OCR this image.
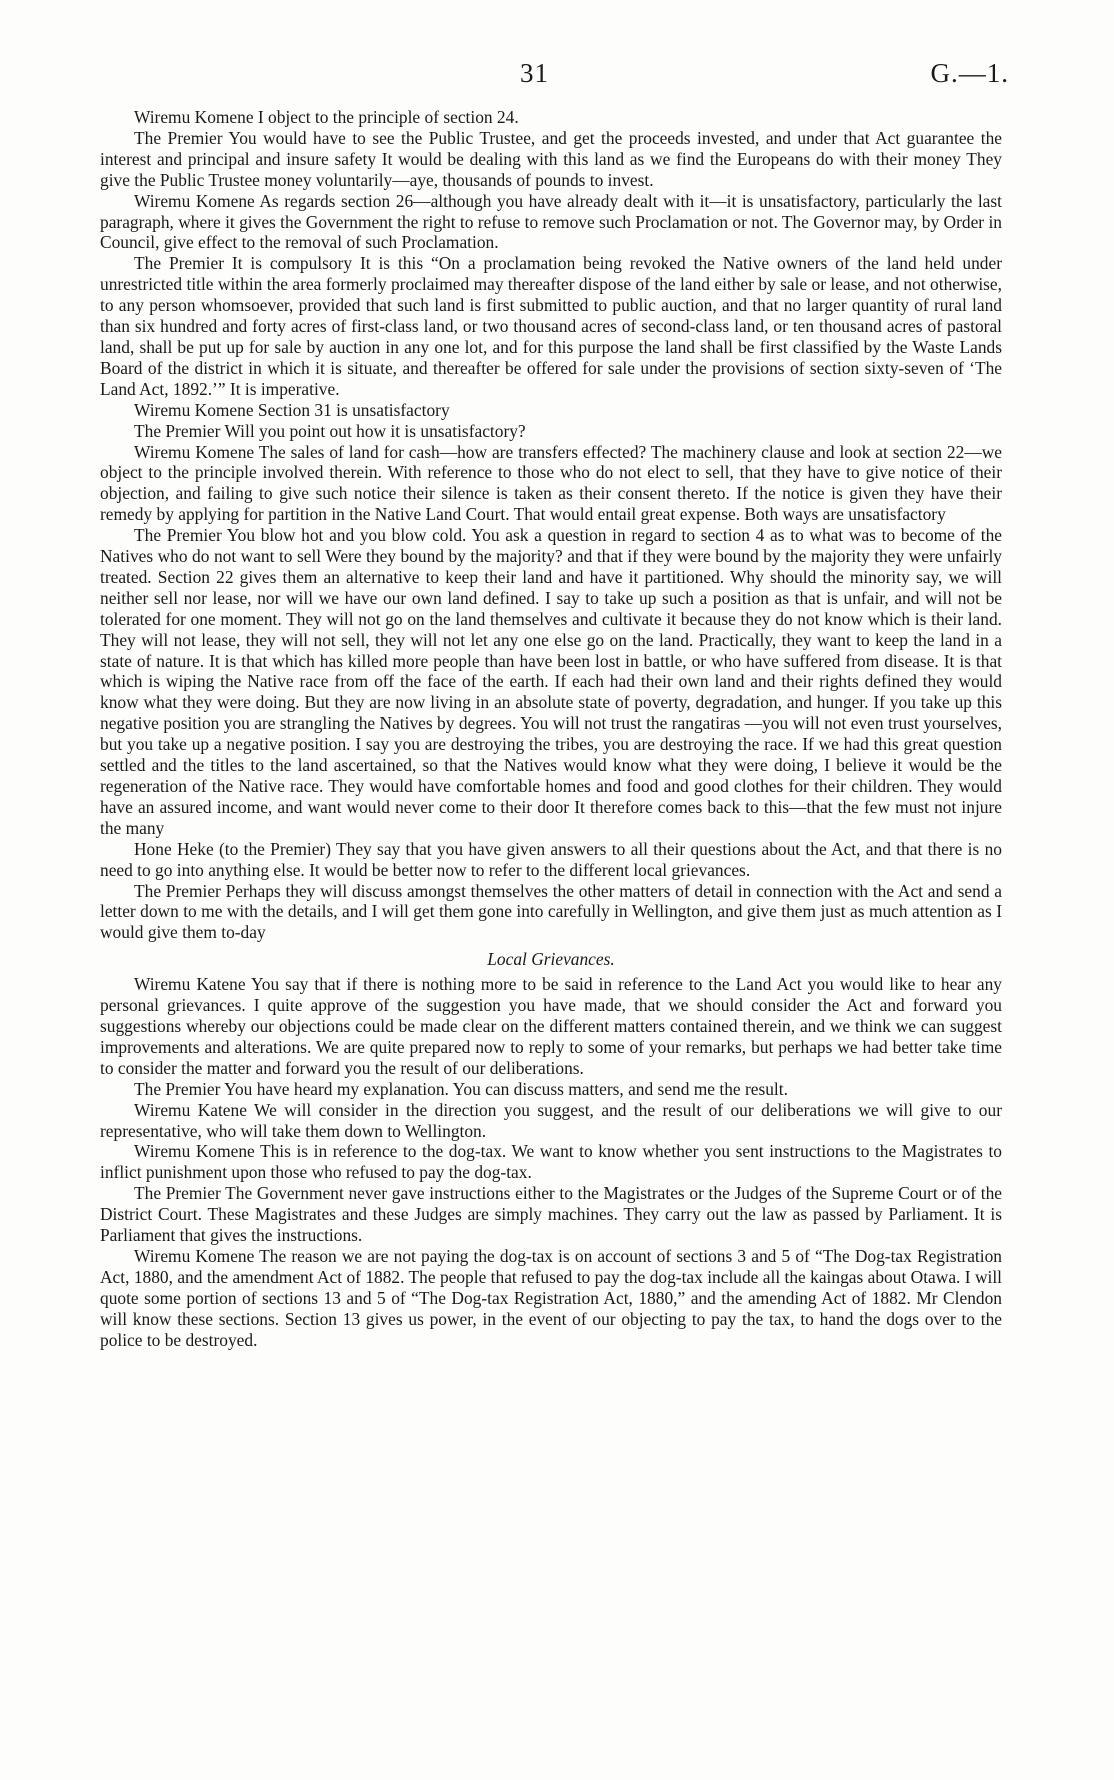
31	G.—1.

Wiremu Komene I object to the principle of section 24.

The Premier You would have to see the Public Trustee, and get the proceeds invested, and under that Act guarantee the interest and principal and insure safety It would be dealing with this land as we find the Europeans do with their money They give the Public Trustee money voluntarily—aye, thousands of pounds to invest.

Wiremu Komene As regards section 26—although you have already dealt with it—it is unsatisfactory, particularly the last paragraph, where it gives the Government the right to refuse to remove such Proclamation or not. The Governor may, by Order in Council, give effect to the removal of such Proclamation.

The Premier It is compulsory It is this “On a proclamation being revoked the Native owners of the land held under unrestricted title within the area formerly proclaimed may thereafter dispose of the land either by sale or lease, and not otherwise, to any person whomsoever, provided that such land is first submitted to public auction, and that no larger quantity of rural land than six hundred and forty acres of first-class land, or two thousand acres of second-class land, or ten thousand acres of pastoral land, shall be put up for sale by auction in any one lot, and for this purpose the land shall be first classified by the Waste Lands Board of the district in which it is situate, and thereafter be offered for sale under the provisions of section sixty-seven of ‘The Land Act, 1892.’” It is imperative.

Wiremu Komene Section 31 is unsatisfactory

The Premier Will you point out how it is unsatisfactory?

Wiremu Komene The sales of land for cash—how are transfers effected? The machinery clause and look at section 22—we object to the principle involved therein. With reference to those who do not elect to sell, that they have to give notice of their objection, and failing to give such notice their silence is taken as their consent thereto. If the notice is given they have their remedy by applying for partition in the Native Land Court. That would entail great expense. Both ways are unsatisfactory

The Premier You blow hot and you blow cold. You ask a question in regard to section 4 as to what was to become of the Natives who do not want to sell Were they bound by the majority? and that if they were bound by the majority they were unfairly treated. Section 22 gives them an alternative to keep their land and have it partitioned. Why should the minority say, we will neither sell nor lease, nor will we have our own land defined. I say to take up such a position as that is unfair, and will not be tolerated for one moment. They will not go on the land themselves and cultivate it because they do not know which is their land. They will not lease, they will not sell, they will not let any one else go on the land. Practically, they want to keep the land in a state of nature. It is that which has killed more people than have been lost in battle, or who have suffered from disease. It is that which is wiping the Native race from off the face of the earth. If each had their own land and their rights defined they would know what they were doing. But they are now living in an absolute state of poverty, degradation, and hunger. If you take up this negative position you are strangling the Natives by degrees. You will not trust the rangatiras —you will not even trust yourselves, but you take up a negative position. I say you are destroying the tribes, you are destroying the race. If we had this great question settled and the titles to the land ascertained, so that the Natives would know what they were doing, I believe it would be the regeneration of the Native race. They would have comfortable homes and food and good clothes for their children. They would have an assured income, and want would never come to their door It therefore comes back to this—that the few must not injure the many

Hone Heke (to the Premier) They say that you have given answers to all their questions about the Act, and that there is no need to go into anything else. It would be better now to refer to the different local grievances.

The Premier Perhaps they will discuss amongst themselves the other matters of detail in connection with the Act and send a letter down to me with the details, and I will get them gone into carefully in Wellington, and give them just as much attention as I would give them to-day

Local Grievances.

Wiremu Katene You say that if there is nothing more to be said in reference to the Land Act you would like to hear any personal grievances. I quite approve of the suggestion you have made, that we should consider the Act and forward you suggestions whereby our objections could be made clear on the different matters contained therein, and we think we can suggest improvements and alterations. We are quite prepared now to reply to some of your remarks, but perhaps we had better take time to consider the matter and forward you the result of our deliberations.

The Premier You have heard my explanation. You can discuss matters, and send me the result.

Wiremu Katene We will consider in the direction you suggest, and the result of our deliberations we will give to our representative, who will take them down to Wellington.

Wiremu Komene This is in reference to the dog-tax. We want to know whether you sent instructions to the Magistrates to inflict punishment upon those who refused to pay the dog-tax.

The Premier The Government never gave instructions either to the Magistrates or the Judges of the Supreme Court or of the District Court. These Magistrates and these Judges are simply machines. They carry out the law as passed by Parliament. It is Parliament that gives the instructions.

Wiremu Komene The reason we are not paying the dog-tax is on account of sections 3 and 5 of “The Dog-tax Registration Act, 1880, and the amendment Act of 1882. The people that refused to pay the dog-tax include all the kaingas about Otawa. I will quote some portion of sections 13 and 5 of “The Dog-tax Registration Act, 1880,” and the amending Act of 1882. Mr Clendon will know these sections. Section 13 gives us power, in the event of our objecting to pay the tax, to hand the dogs over to the police to be destroyed.
